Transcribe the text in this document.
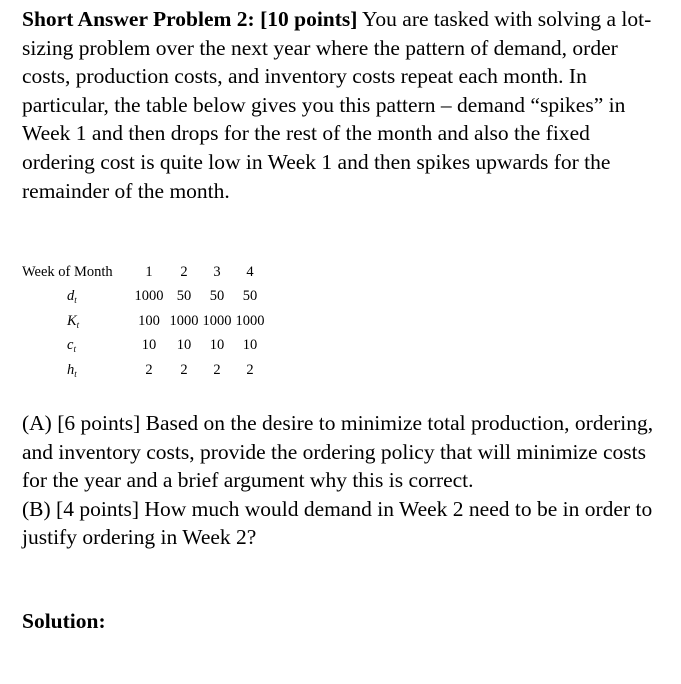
Short Answer Problem 2: [10 points] You are tasked with solving a lot-sizing problem over the next year where the pattern of demand, order costs, production costs, and inventory costs repeat each month. In particular, the table below gives you this pattern – demand “spikes” in Week 1 and then drops for the rest of the month and also the fixed ordering cost is quite low in Week 1 and then spikes upwards for the remainder of the month.

Week of Month	1	2	3	4
$d_t$	1000	50	50	50
$K_t$	100	1000	1000	1000
$c_t$	10	10	10	10
$h_t$	2	2	2	2

(A) [6 points] Based on the desire to minimize total production, ordering, and inventory costs, provide the ordering policy that will minimize costs for the year and a brief argument why this is correct.

(B) [4 points] How much would demand in Week 2 need to be in order to justify ordering in Week 2?

Solution:
